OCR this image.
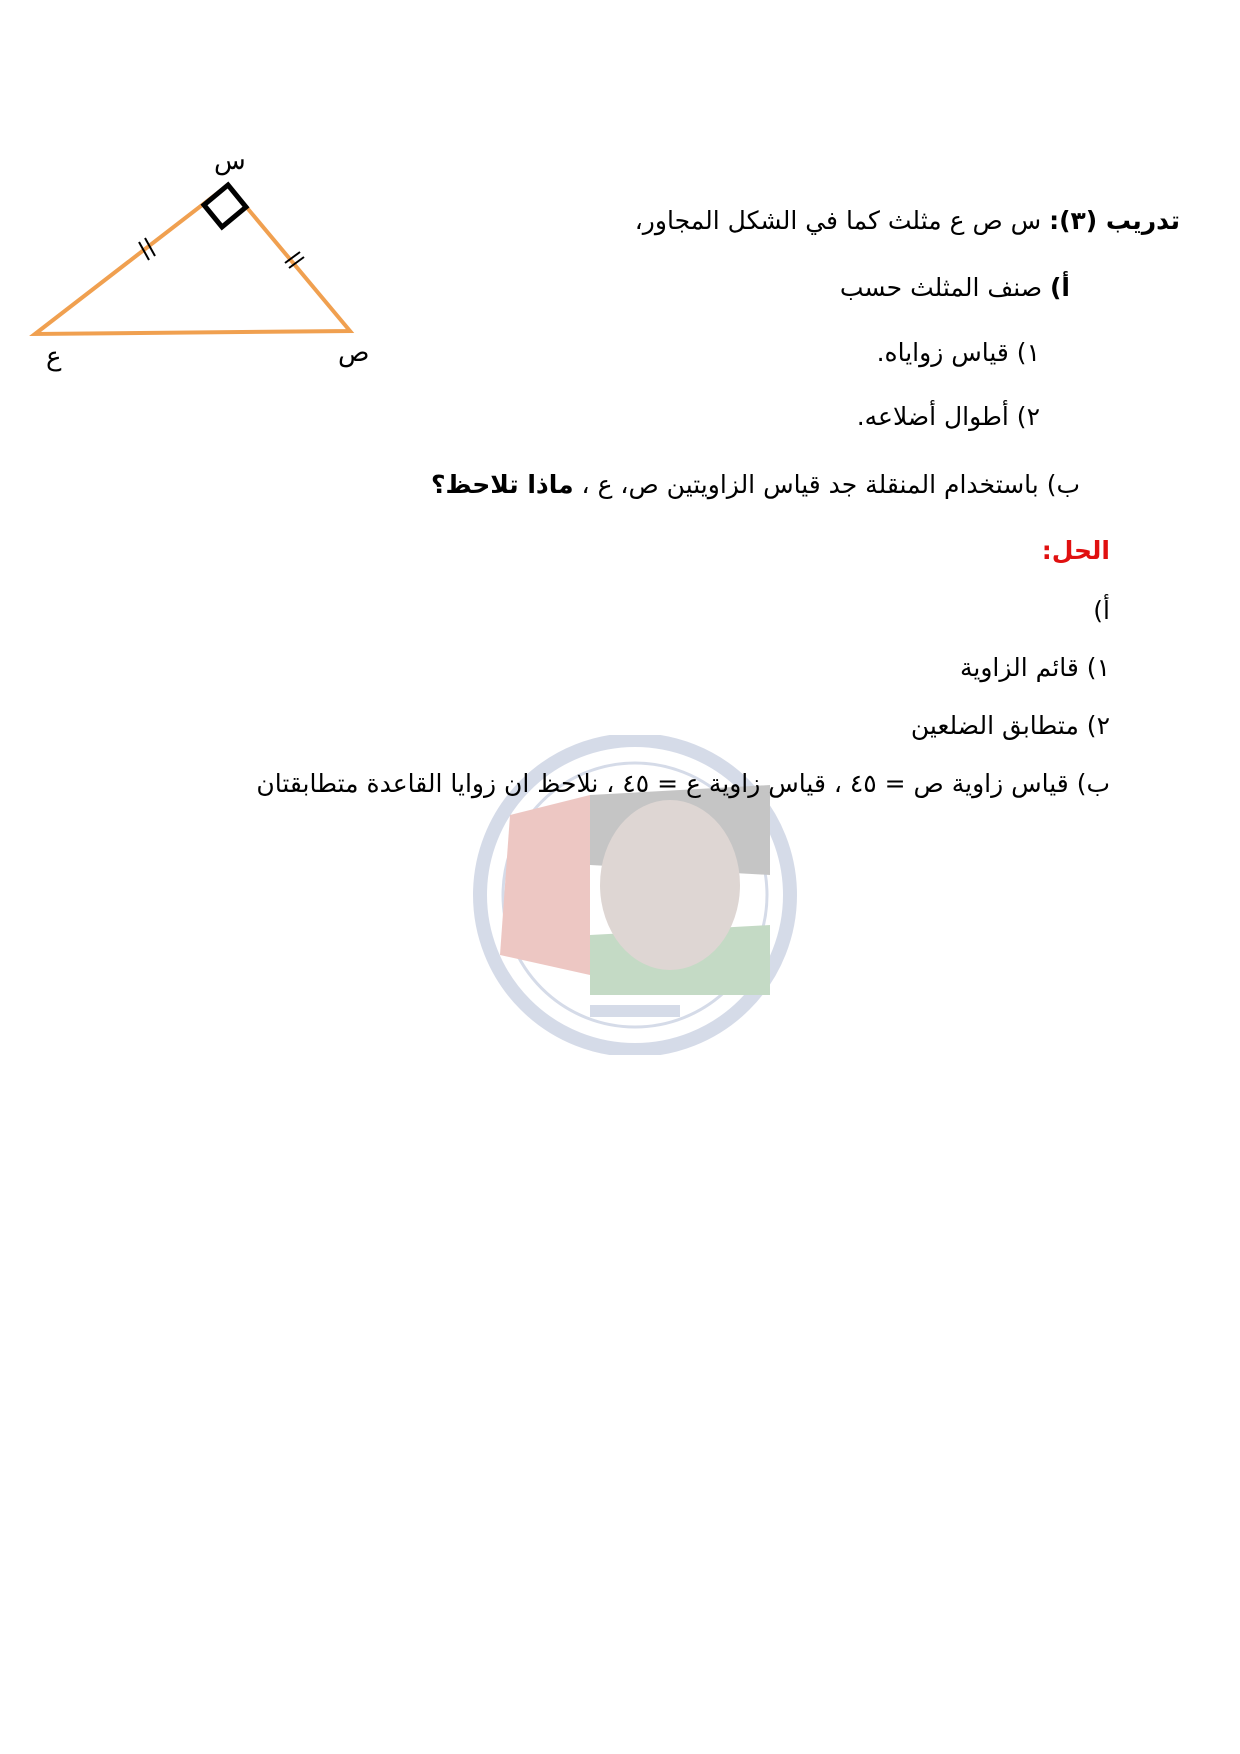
س
ص
ع
تدريب (٣): س ص ع مثلث كما في الشكل المجاور،
أ) صنف المثلث حسب
١) قياس زواياه.
٢) أطوال أضلاعه.
ب) باستخدام المنقلة جد قياس الزاويتين ص، ع ، ماذا تلاحظ؟
الحل:
أ)
١) قائم الزاوية
٢) متطابق الضلعين
ب) قياس زاوية ص = ٤٥ ، قياس زاوية ع = ٤٥ ، نلاحظ ان زوايا القاعدة متطابقتان
